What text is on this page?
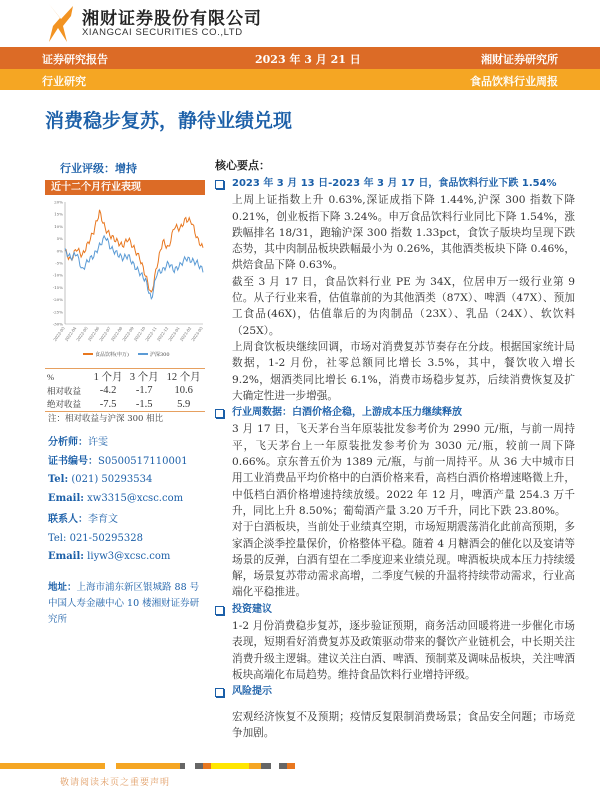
湘财证券股份有限公司
XIANGCAI SECURITIES CO.,LTD
证券研究报告	2023 年 3 月 21 日	湘财证券研究所
行业研究	食品饮料行业周报
消费稳步复苏，静待业绩兑现
行业评级：增持
近十二个月行业表现
20%
15%
10%
5%
0%
-5%
-10%
-15%
-20%
-25%
-30%
2022-03
2022-04
2022-05
2022-06
2022-07
2022-08
2022-09
2022-10
2022-11
2022-12
2023-01
2023-02
2023-03
食品饮料(申万)	沪深300
%	1 个月	3 个月	12 个月
相对收益	-4.2	-1.7	10.6
绝对收益	-7.5	-1.5	5.9
注：相对收益与沪深 300 相比
分析师：许雯
证书编号：S0500517110001
Tel: (021) 50293534
Email: xw3315@xcsc.com
联系人：李育文
Tel: 021-50295328
Email: liyw3@xcsc.com
地址：上海市浦东新区银城路 88 号中国人寿金融中心 10 楼湘财证券研究所
核心要点：
2023 年 3 月 13 日-2023 年 3 月 17 日，食品饮料行业下跌 1.54%
上周上证指数上升 0.63%,深证成指下降 1.44%,沪深 300 指数下降 0.21%，创业板指下降 3.24%。申万食品饮料行业同比下降 1.54%，涨跌幅排名 18/31，跑输沪深 300 指数 1.33pct，食饮子版块均呈现下跌态势，其中肉制品板块跌幅最小为 0.26%，其他酒类板块下降 0.46%，烘焙食品下降 0.63%。
截至 3 月 17 日，食品饮料行业 PE 为 34X，位居申万一级行业第 9 位。从子行业来看，估值靠前的为其他酒类（87X）、啤酒（47X）、预加工食品(46X)，估值靠后的为肉制品（23X）、乳品（24X）、软饮料（25X）。
上周食饮板块继续回调，市场对消费复苏节奏存在分歧。根据国家统计局数据，1-2 月份，社零总额同比增长 3.5%，其中，餐饮收入增长 9.2%，烟酒类同比增长 6.1%，消费市场稳步复苏，后续消费恢复及扩大确定性进一步增强。
行业周数据：白酒价格企稳，上游成本压力继续释放
3 月 17 日，飞天茅台当年原装批发参考价为 2990 元/瓶，与前一周持平，飞天茅台上一年原装批发参考价为 3030 元/瓶，较前一周下降 0.66%。京东普五价为 1389 元/瓶，与前一周持平。从 36 大中城市日用工业消费品平均价格中的白酒价格来看，高档白酒价格增速略微上升，中低档白酒价格增速持续放缓。2022 年 12 月，啤酒产量 254.3 万千升，同比上升 8.50%；葡萄酒产量 3.20 万千升，同比下跌 23.80%。
对于白酒板块，当前处于业绩真空期，市场短期震荡消化此前高预期，多家酒企淡季控量保价，价格整体平稳。随着 4 月糖酒会的催化以及宴请等场景的反弹，白酒有望在二季度迎来业绩兑现。啤酒板块成本压力持续缓解，场景复苏带动需求高增，二季度气候的升温将持续带动需求，行业高端化平稳推进。
投资建议
1-2 月份消费稳步复苏，逐步验证预期，商务活动回暖将进一步催化市场表现，短期看好消费复苏及政策驱动带来的餐饮产业链机会，中长期关注消费升级主逻辑。建议关注白酒、啤酒、预制菜及调味品板块，关注啤酒板块高端化布局趋势。维持食品饮料行业增持评级。
风险提示
宏观经济恢复不及预期；疫情反复限制消费场景；食品安全问题；市场竞争加剧。
敬请阅读末页之重要声明
